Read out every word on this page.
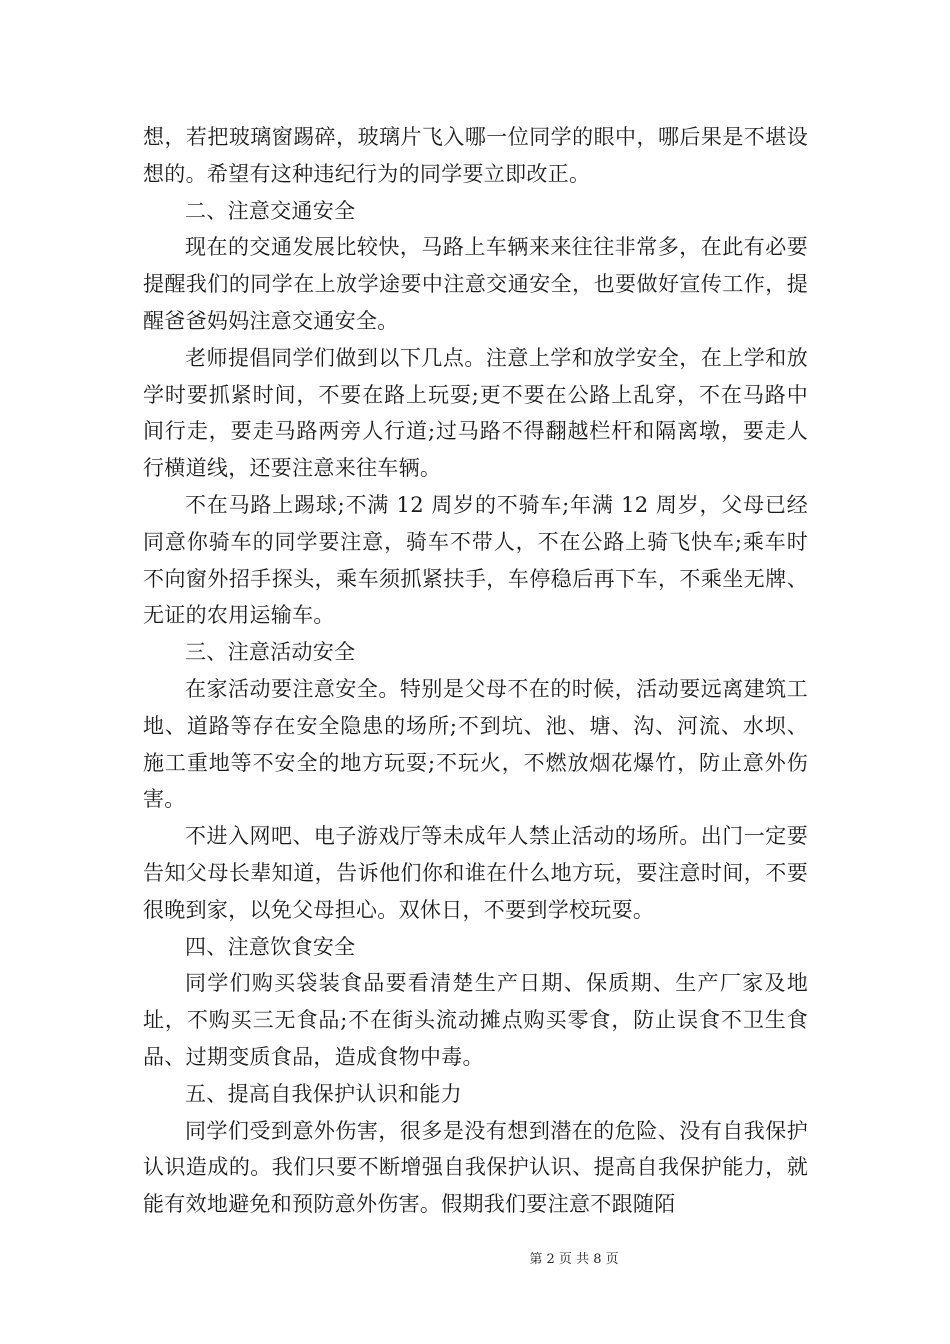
想，若把玻璃窗踢碎，玻璃片飞入哪一位同学的眼中，哪后果是不堪设想的。希望有这种违纪行为的同学要立即改正。

二、注意交通安全

现在的交通发展比较快，马路上车辆来来往往非常多，在此有必要提醒我们的同学在上放学途要中注意交通安全，也要做好宣传工作，提醒爸爸妈妈注意交通安全。

老师提倡同学们做到以下几点。注意上学和放学安全，在上学和放学时要抓紧时间，不要在路上玩耍;更不要在公路上乱穿，不在马路中间行走，要走马路两旁人行道;过马路不得翻越栏杆和隔离墩，要走人行横道线，还要注意来往车辆。

不在马路上踢球;不满 12 周岁的不骑车;年满 12 周岁，父母已经同意你骑车的同学要注意，骑车不带人，不在公路上骑飞快车;乘车时不向窗外招手探头，乘车须抓紧扶手，车停稳后再下车，不乘坐无牌、无证的农用运输车。

三、注意活动安全

在家活动要注意安全。特别是父母不在的时候，活动要远离建筑工地、道路等存在安全隐患的场所;不到坑、池、塘、沟、河流、水坝、施工重地等不安全的地方玩耍;不玩火，不燃放烟花爆竹，防止意外伤害。

不进入网吧、电子游戏厅等未成年人禁止活动的场所。出门一定要告知父母长辈知道，告诉他们你和谁在什么地方玩，要注意时间，不要很晚到家，以免父母担心。双休日，不要到学校玩耍。

四、注意饮食安全

同学们购买袋装食品要看清楚生产日期、保质期、生产厂家及地址，不购买三无食品;不在街头流动摊点购买零食，防止误食不卫生食品、过期变质食品，造成食物中毒。

五、提高自我保护认识和能力

同学们受到意外伤害，很多是没有想到潜在的危险、没有自我保护认识造成的。我们只要不断增强自我保护认识、提高自我保护能力，就能有效地避免和预防意外伤害。假期我们要注意不跟随陌

第 2 页 共 8 页
